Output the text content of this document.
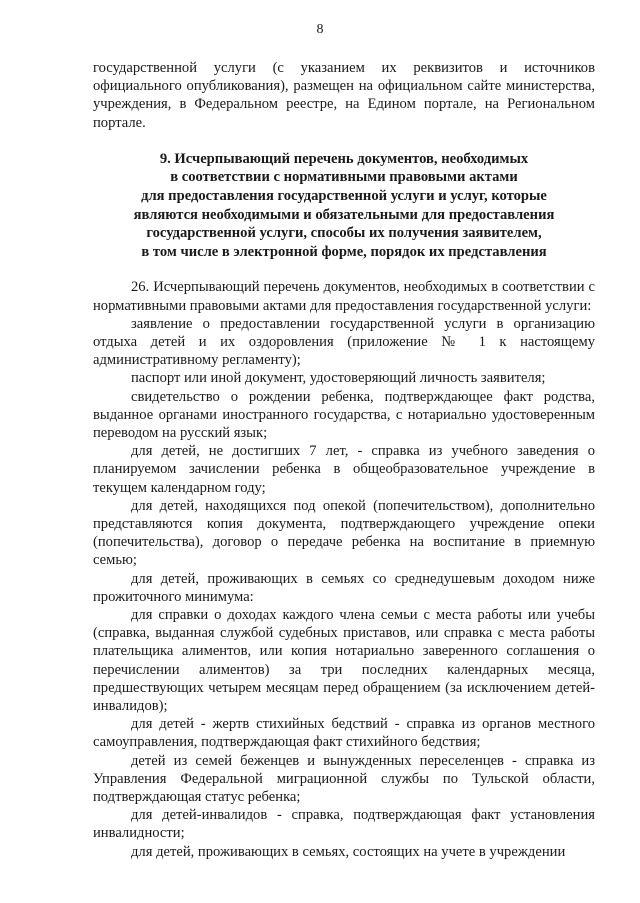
8

государственной услуги (с указанием их реквизитов и источников официального опубликования), размещен на официальном сайте министерства, учреждения, в Федеральном реестре, на Едином портале, на Региональном портале.

9. Исчерпывающий перечень документов, необходимых
в соответствии с нормативными правовыми актами
для предоставления государственной услуги и услуг, которые
являются необходимыми и обязательными для предоставления
государственной услуги, способы их получения заявителем,
в том числе в электронной форме, порядок их представления

26. Исчерпывающий перечень документов, необходимых в соответствии с нормативными правовыми актами для предоставления государственной услуги:

заявление о предоставлении государственной услуги в организацию отдыха детей и их оздоровления (приложение № 1 к настоящему административному регламенту);

паспорт или иной документ, удостоверяющий личность заявителя;

свидетельство о рождении ребенка, подтверждающее факт родства, выданное органами иностранного государства, с нотариально удостоверенным переводом на русский язык;

для детей, не достигших 7 лет, - справка из учебного заведения о планируемом зачислении ребенка в общеобразовательное учреждение в текущем календарном году;

для детей, находящихся под опекой (попечительством), дополнительно представляются копия документа, подтверждающего учреждение опеки (попечительства), договор о передаче ребенка на воспитание в приемную семью;

для детей, проживающих в семьях со среднедушевым доходом ниже прожиточного минимума:

для справки о доходах каждого члена семьи с места работы или учебы (справка, выданная службой судебных приставов, или справка с места работы плательщика алиментов, или копия нотариально заверенного соглашения о перечислении алиментов) за три последних календарных месяца, предшествующих четырем месяцам перед обращением (за исключением детей-инвалидов);

для детей - жертв стихийных бедствий - справка из органов местного самоуправления, подтверждающая факт стихийного бедствия;

детей из семей беженцев и вынужденных переселенцев - справка из Управления Федеральной миграционной службы по Тульской области, подтверждающая статус ребенка;

для детей-инвалидов - справка, подтверждающая факт установления инвалидности;

для детей, проживающих в семьях, состоящих на учете в учреждении
